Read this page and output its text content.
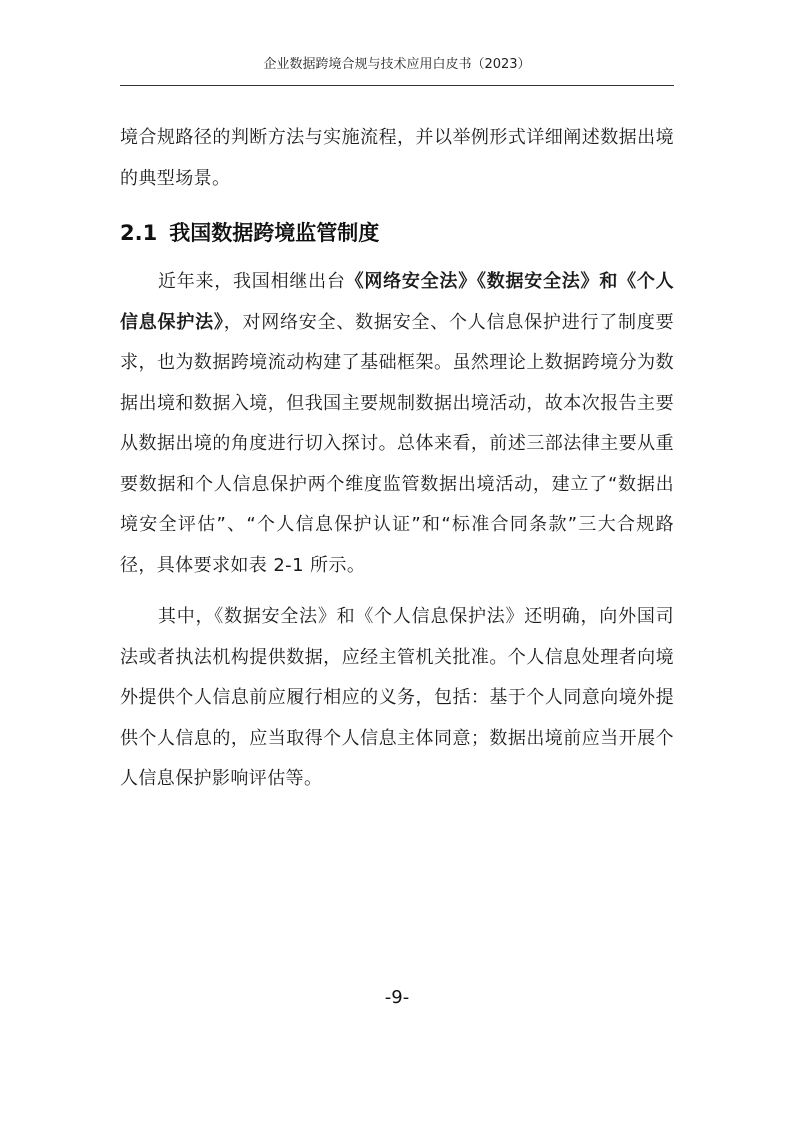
企业数据跨境合规与技术应用白皮书（2023）

境合规路径的判断方法与实施流程，并以举例形式详细阐述数据出境的典型场景。

2.1 我国数据跨境监管制度

近年来，我国相继出台《网络安全法》《数据安全法》和《个人信息保护法》，对网络安全、数据安全、个人信息保护进行了制度要求，也为数据跨境流动构建了基础框架。虽然理论上数据跨境分为数据出境和数据入境，但我国主要规制数据出境活动，故本次报告主要从数据出境的角度进行切入探讨。总体来看，前述三部法律主要从重要数据和个人信息保护两个维度监管数据出境活动，建立了“数据出境安全评估”、“个人信息保护认证”和“标准合同条款”三大合规路径，具体要求如表 2-1 所示。

其中，《数据安全法》和《个人信息保护法》还明确，向外国司法或者执法机构提供数据，应经主管机关批准。个人信息处理者向境外提供个人信息前应履行相应的义务，包括：基于个人同意向境外提供个人信息的，应当取得个人信息主体同意；数据出境前应当开展个人信息保护影响评估等。

-9-
